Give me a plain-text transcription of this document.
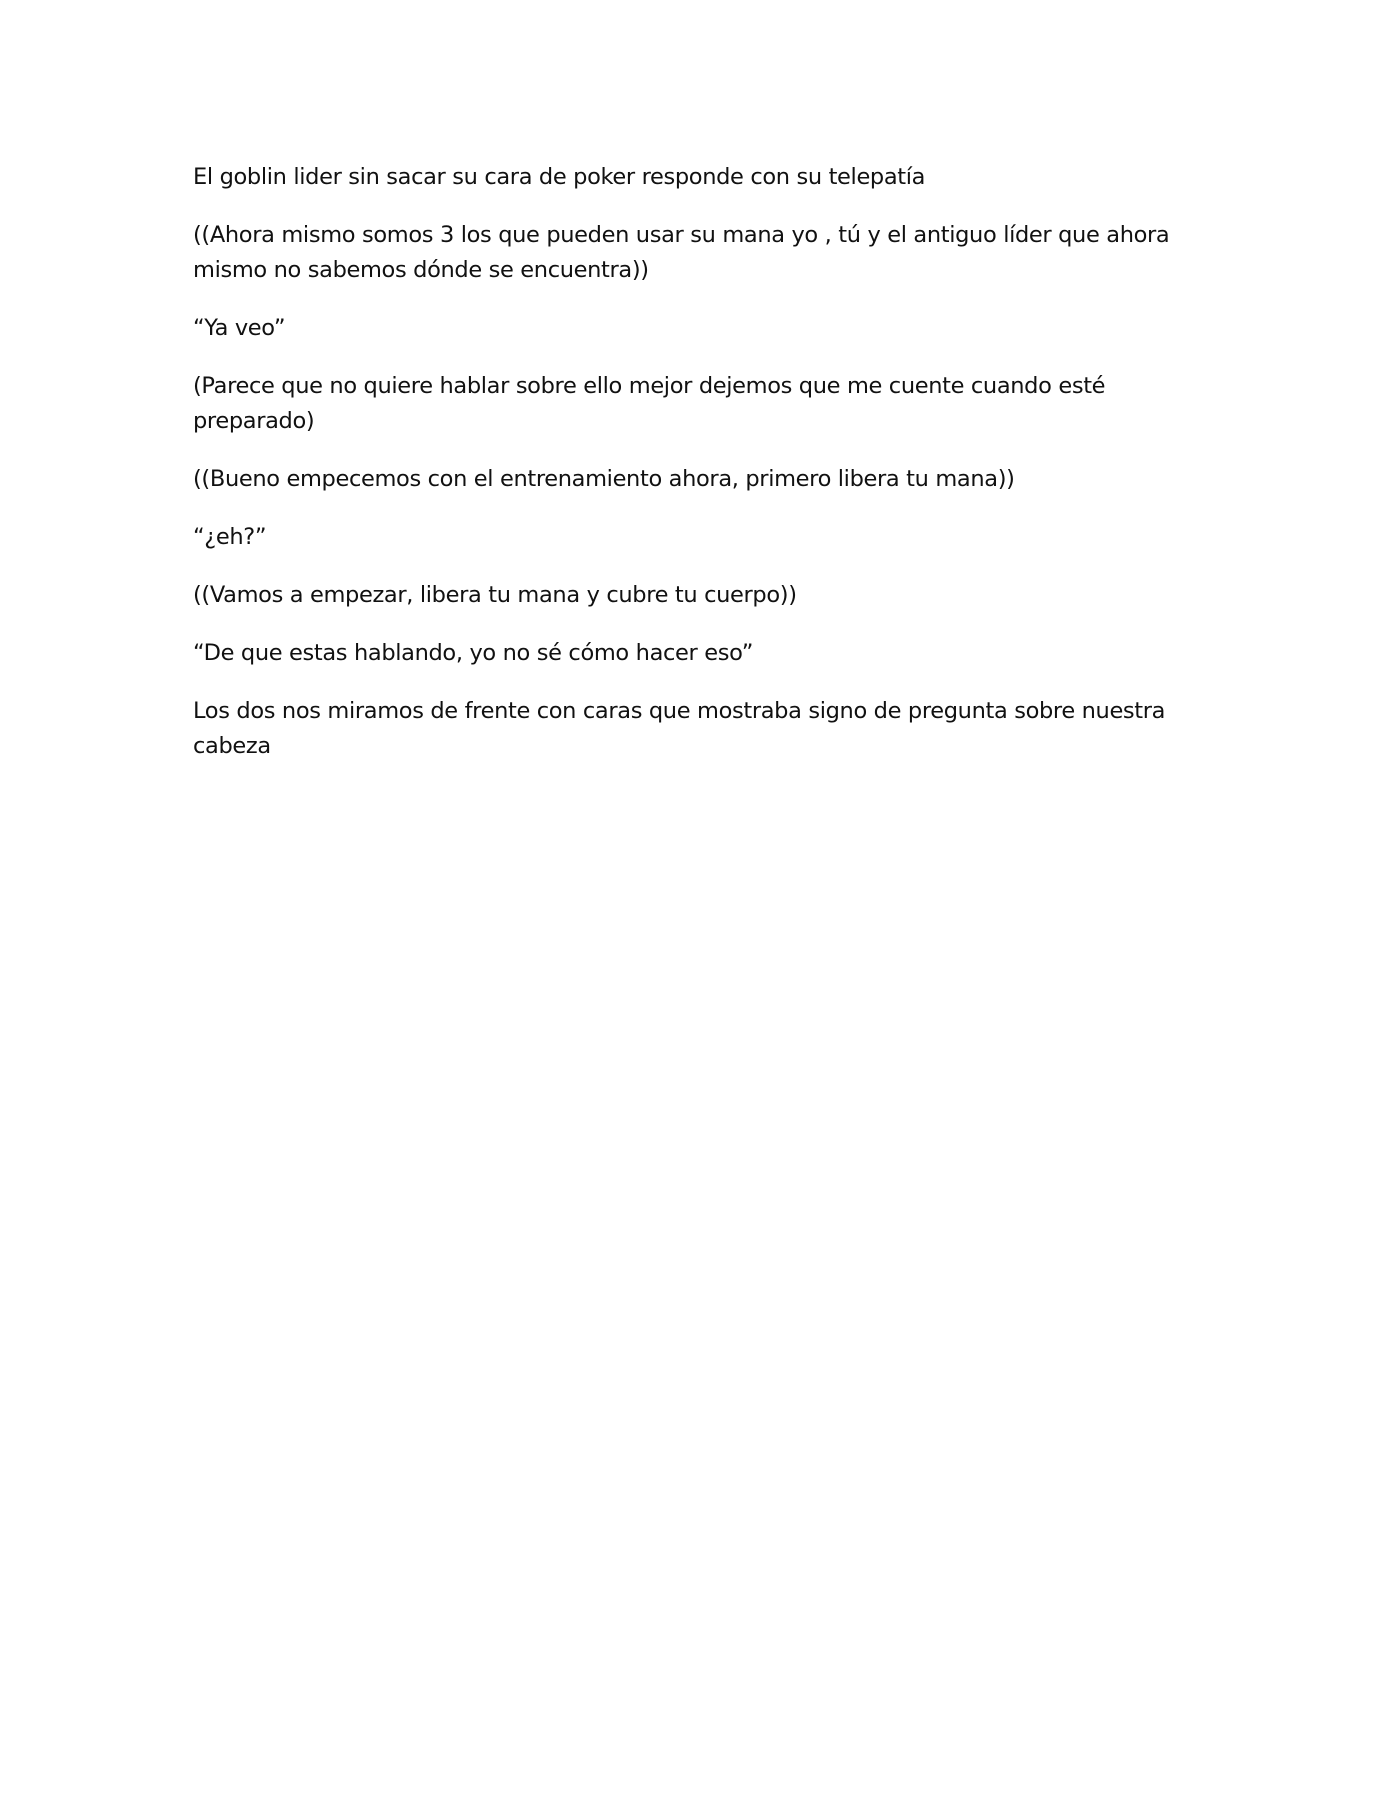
El goblin lider sin sacar su cara de poker responde con su telepatía

((Ahora mismo somos 3 los que pueden usar su mana yo , tú y el antiguo líder que ahora mismo no sabemos dónde se encuentra))

“Ya veo”

(Parece que no quiere hablar sobre ello mejor dejemos que me cuente cuando esté preparado)

((Bueno empecemos con el entrenamiento ahora, primero libera tu mana))

“¿eh?”

((Vamos a empezar, libera tu mana y cubre tu cuerpo))

“De que estas hablando, yo no sé cómo hacer eso”

Los dos nos miramos de frente con caras que mostraba signo de pregunta sobre nuestra cabeza
